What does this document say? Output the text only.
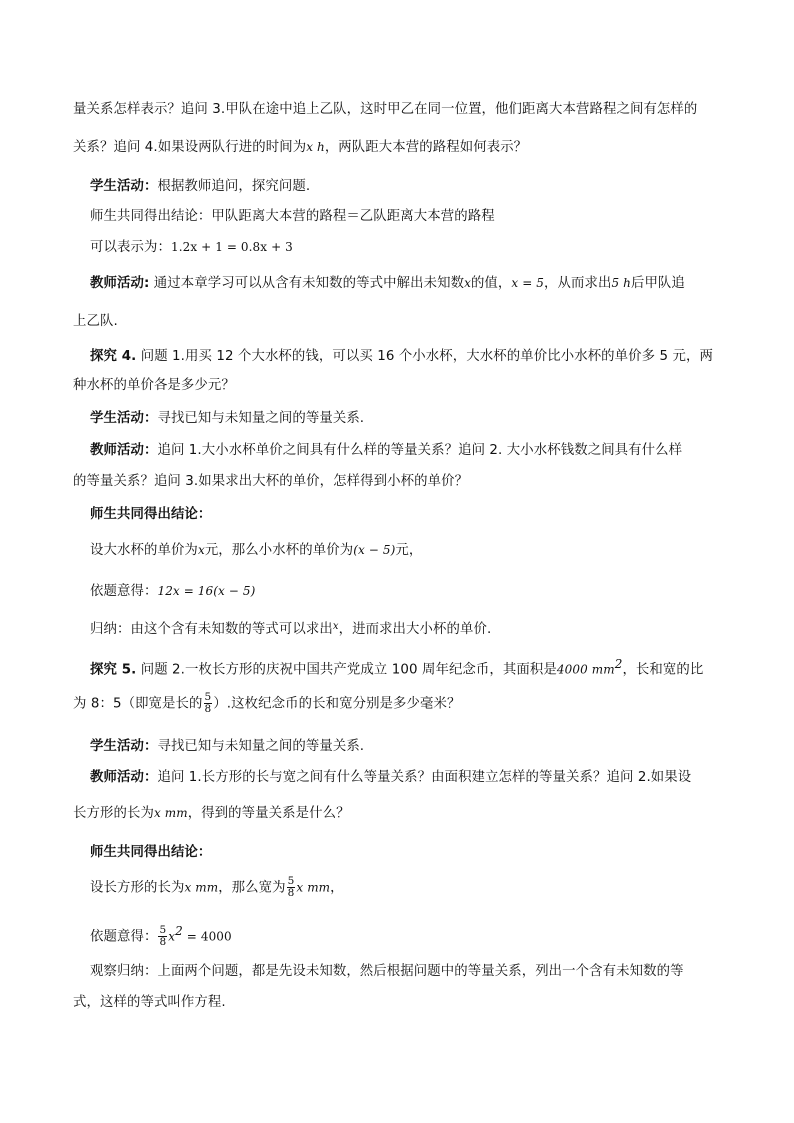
量关系怎样表示？追问 3.甲队在途中追上乙队，这时甲乙在同一位置，他们距离大本营路程之间有怎样的
关系？追问 4.如果设两队行进的时间为x h，两队距大本营的路程如何表示？
学生活动：根据教师追问，探究问题.
师生共同得出结论：甲队距离大本营的路程＝乙队距离大本营的路程
可以表示为：1.2x + 1 = 0.8x + 3
教师活动: 通过本章学习可以从含有未知数的等式中解出未知数x的值，x = 5，从而求出5 h后甲队追
上乙队.
探究 4. 问题 1.用买 12 个大水杯的钱，可以买 16 个小水杯，大水杯的单价比小水杯的单价多 5 元，两
种水杯的单价各是多少元？
学生活动：寻找已知与未知量之间的等量关系.
教师活动：追问 1.大小水杯单价之间具有什么样的等量关系？追问 2. 大小水杯钱数之间具有什么样
的等量关系？追问 3.如果求出大杯的单价，怎样得到小杯的单价？
师生共同得出结论：
设大水杯的单价为x元，那么小水杯的单价为(x − 5)元，
依题意得：12x = 16(x − 5)
归纳：由这个含有未知数的等式可以求出$^x$，进而求出大小杯的单价.
探究 5. 问题 2.一枚长方形的庆祝中国共产党成立 100 周年纪念币，其面积是4000 $mm^2$，长和宽的比
为 8：5（即宽是长的 $\frac{5}{8}$ ）.这枚纪念币的长和宽分别是多少毫米？
学生活动：寻找已知与未知量之间的等量关系.
教师活动：追问 1.长方形的长与宽之间有什么等量关系？由面积建立怎样的等量关系？追问 2.如果设
长方形的长为x mm，得到的等量关系是什么？
师生共同得出结论：
设长方形的长为x mm，那么宽为 $\frac{5}{8}$ x mm，
依题意得： $\frac{5}{8} x^2 = 4000$
观察归纳：上面两个问题，都是先设未知数，然后根据问题中的等量关系，列出一个含有未知数的等
式，这样的等式叫作方程.
